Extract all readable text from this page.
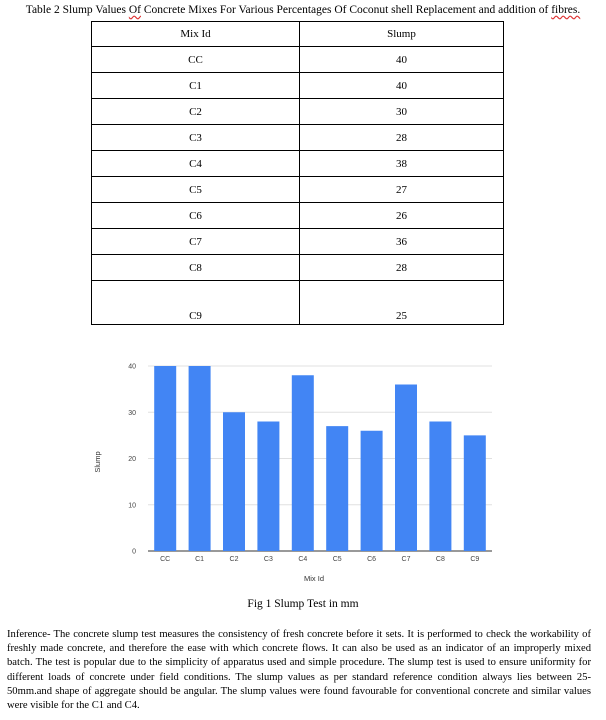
Table 2 Slump Values Of Concrete Mixes For Various Percentages Of Coconut shell Replacement and addition of fibres.
Mix Id	Slump
CC	40
C1	40
C2	30
C3	28
C4	38
C5	27
C6	26
C7	36
C8	28
C9	25
0
10
20
30
40
CC	C1	C2	C3	C4	C5	C6	C7	C8	C9
Slump
Mix Id
Fig 1 Slump Test in mm

Inference- The concrete slump test measures the consistency of fresh concrete before it sets. It is performed to check the workability of freshly made concrete, and therefore the ease with which concrete flows. It can also be used as an indicator of an improperly mixed batch. The test is popular due to the simplicity of apparatus used and simple procedure. The slump test is used to ensure uniformity for different loads of concrete under field conditions. The slump values as per standard reference condition always lies between 25-50mm.and shape of aggregate should be angular. The slump values were found favourable for conventional concrete and similar values were visible for the C1 and C4.
